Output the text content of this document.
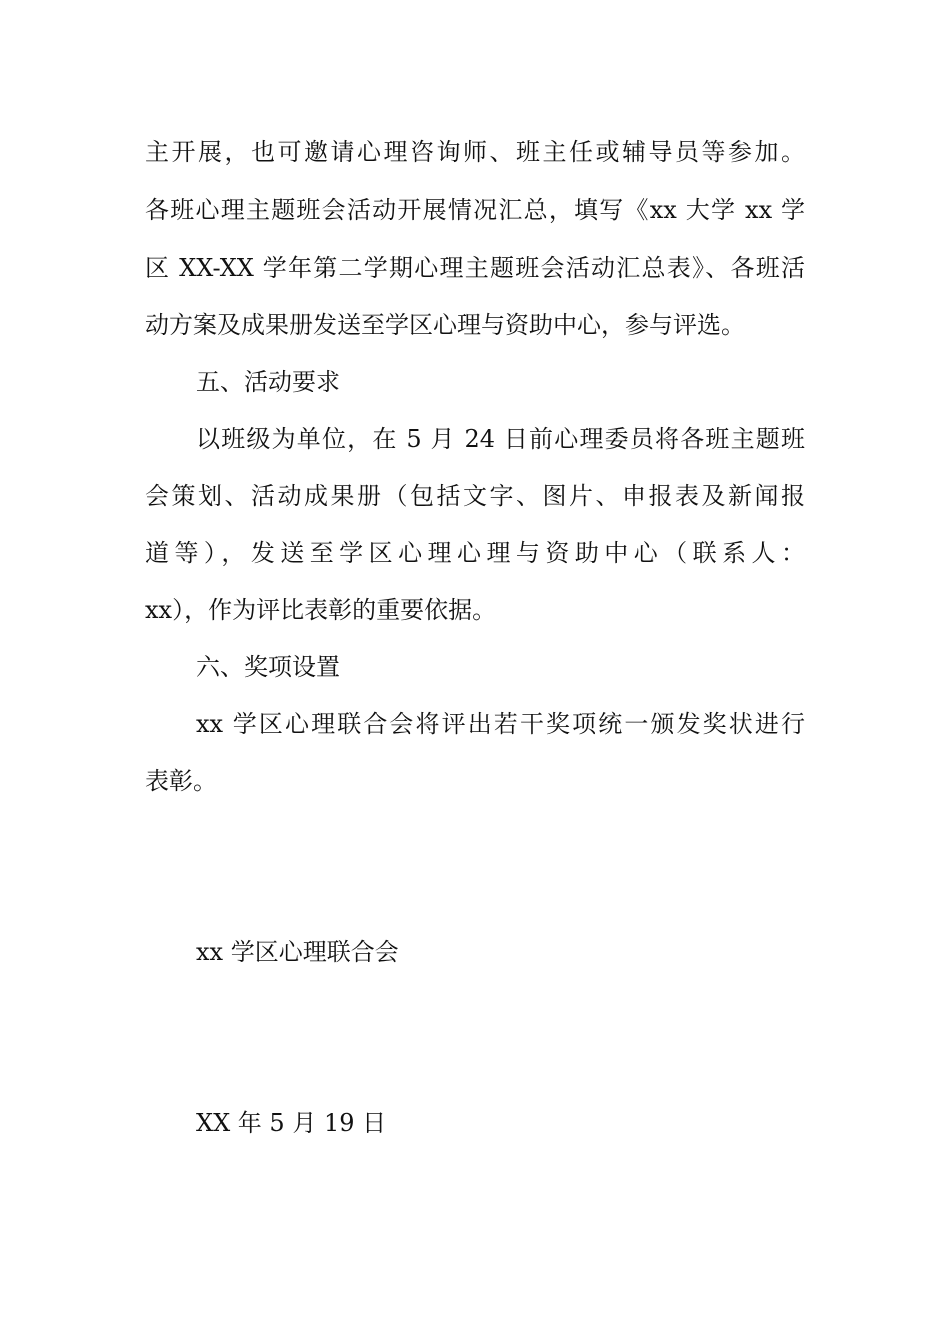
主开展，也可邀请心理咨询师、班主任或辅导员等参加。
各班心理主题班会活动开展情况汇总，填写《xx 大学 xx 学
区 XX-XX 学年第二学期心理主题班会活动汇总表》、各班活
动方案及成果册发送至学区心理与资助中心，参与评选。
五、活动要求
以班级为单位，在 5 月 24 日前心理委员将各班主题班
会策划、活动成果册（包括文字、图片、申报表及新闻报
道等），发送至学区心理心理与资助中心（联系人：
xx），作为评比表彰的重要依据。
六、奖项设置
xx 学区心理联合会将评出若干奖项统一颁发奖状进行
表彰。
xx 学区心理联合会
XX 年 5 月 19 日
